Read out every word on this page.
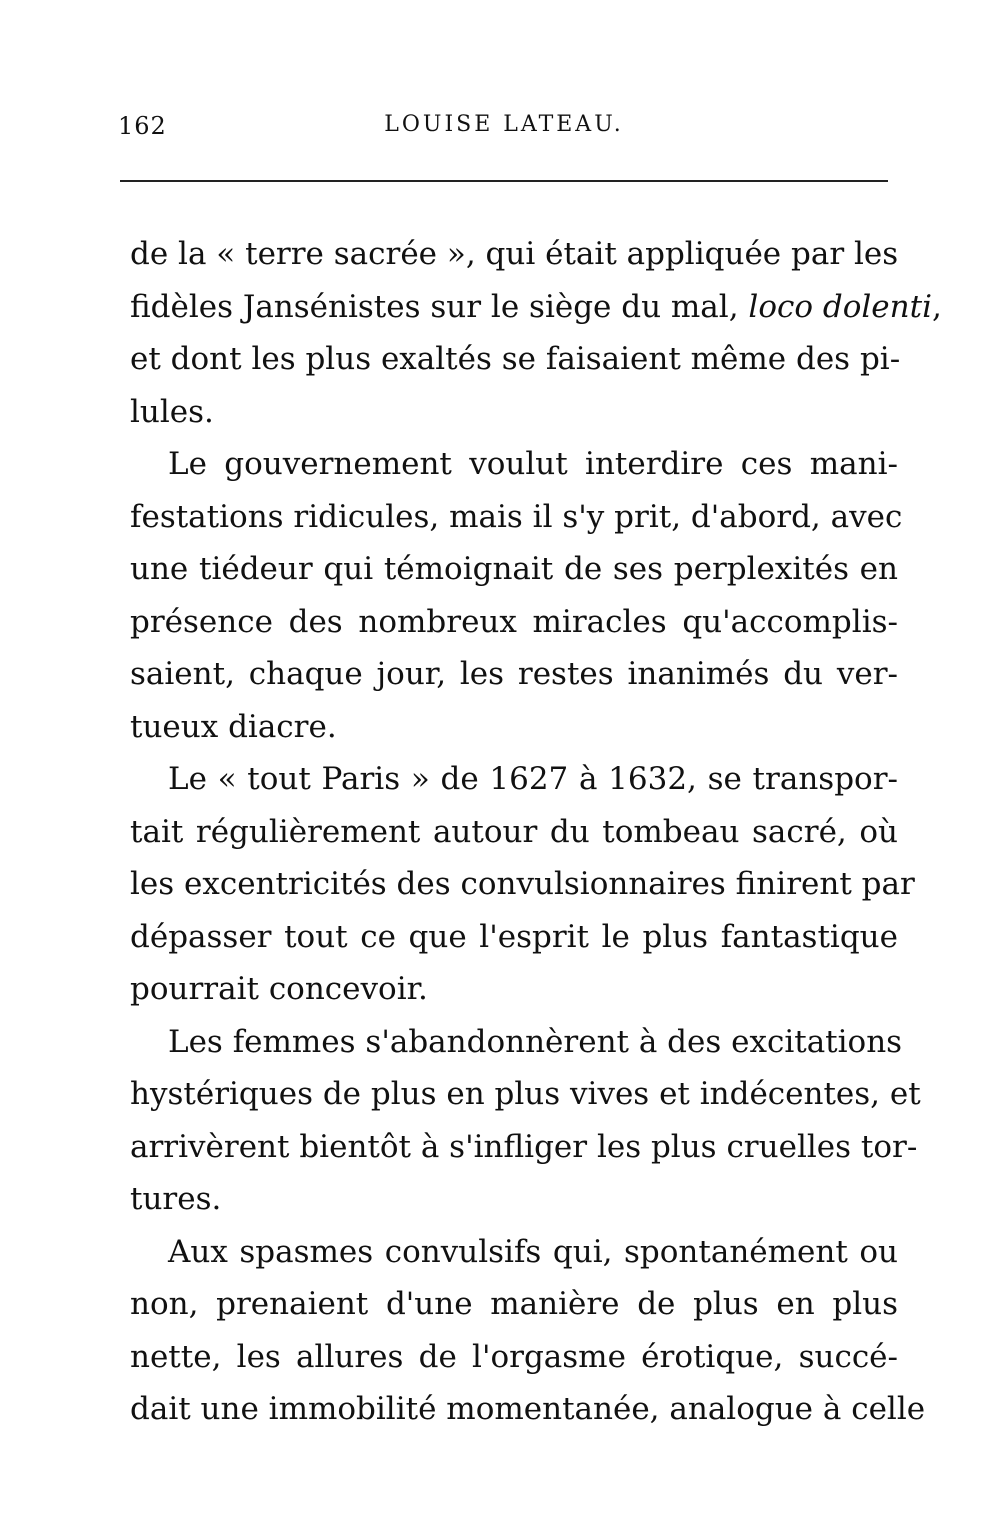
162	LOUISE LATEAU.
de la « terre sacrée », qui était appliquée par les
fidèles Jansénistes sur le siège du mal, loco dolenti,
et dont les plus exaltés se faisaient même des pi-
lules.
Le gouvernement voulut interdire ces mani-
festations ridicules, mais il s'y prit, d'abord, avec
une tiédeur qui témoignait de ses perplexités en
présence des nombreux miracles qu'accomplis-
saient, chaque jour, les restes inanimés du ver-
tueux diacre.
Le « tout Paris » de 1627 à 1632, se transpor-
tait régulièrement autour du tombeau sacré, où
les excentricités des convulsionnaires finirent par
dépasser tout ce que l'esprit le plus fantastique
pourrait concevoir.
Les femmes s'abandonnèrent à des excitations
hystériques de plus en plus vives et indécentes, et
arrivèrent bientôt à s'infliger les plus cruelles tor-
tures.
Aux spasmes convulsifs qui, spontanément ou
non, prenaient d'une manière de plus en plus
nette, les allures de l'orgasme érotique, succé-
dait une immobilité momentanée, analogue à celle
